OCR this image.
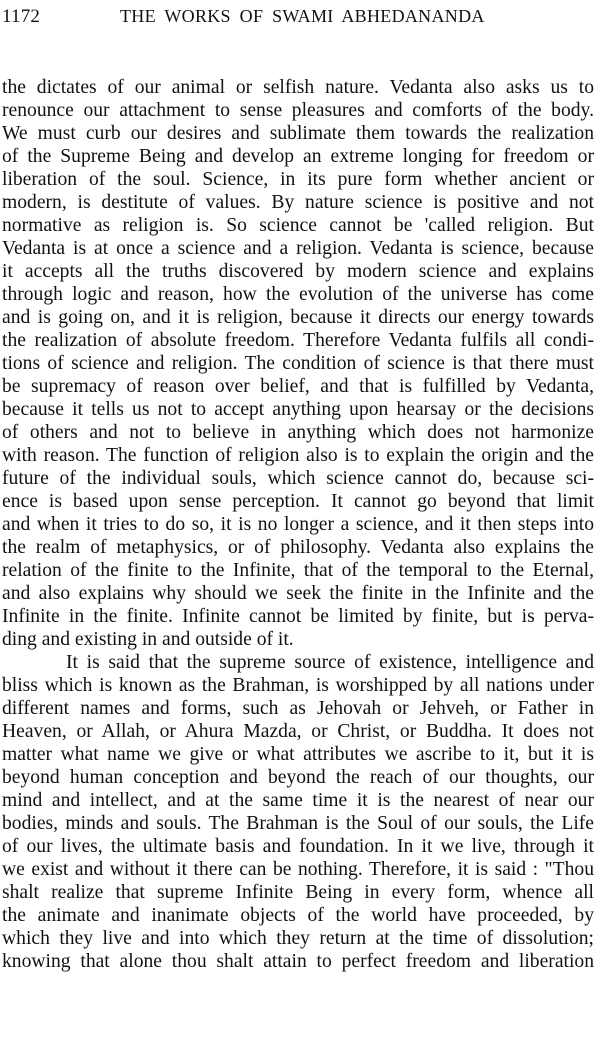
1172	THE WORKS OF SWAMI ABHEDANANDA
the dictates of our animal or selfish nature. Vedanta also asks us to
renounce our attachment to sense pleasures and comforts of the body.
We must curb our desires and sublimate them towards the realization
of the Supreme Being and develop an extreme longing for freedom or
liberation of the soul. Science, in its pure form whether ancient or
modern, is destitute of values. By nature science is positive and not
normative as religion is. So science cannot be 'called religion. But
Vedanta is at once a science and a religion. Vedanta is science, because
it accepts all the truths discovered by modern science and explains
through logic and reason, how the evolution of the universe has come
and is going on, and it is religion, because it directs our energy towards
the realization of absolute freedom. Therefore Vedanta fulfils all condi-
tions of science and religion. The condition of science is that there must
be supremacy of reason over belief, and that is fulfilled by Vedanta,
because it tells us not to accept anything upon hearsay or the decisions
of others and not to believe in anything which does not harmonize
with reason. The function of religion also is to explain the origin and the
future of the individual souls, which science cannot do, because sci-
ence is based upon sense perception. It cannot go beyond that limit
and when it tries to do so, it is no longer a science, and it then steps into
the realm of metaphysics, or of philosophy. Vedanta also explains the
relation of the finite to the Infinite, that of the temporal to the Eternal,
and also explains why should we seek the finite in the Infinite and the
Infinite in the finite. Infinite cannot be limited by finite, but is perva-
ding and existing in and outside of it.
It is said that the supreme source of existence, intelligence and
bliss which is known as the Brahman, is worshipped by all nations under
different names and forms, such as Jehovah or Jehveh, or Father in
Heaven, or Allah, or Ahura Mazda, or Christ, or Buddha. It does not
matter what name we give or what attributes we ascribe to it, but it is
beyond human conception and beyond the reach of our thoughts, our
mind and intellect, and at the same time it is the nearest of near our
bodies, minds and souls. The Brahman is the Soul of our souls, the Life
of our lives, the ultimate basis and foundation. In it we live, through it
we exist and without it there can be nothing. Therefore, it is said : "Thou
shalt realize that supreme Infinite Being in every form, whence all
the animate and inanimate objects of the world have proceeded, by
which they live and into which they return at the time of dissolution;
knowing that alone thou shalt attain to perfect freedom and liberation
